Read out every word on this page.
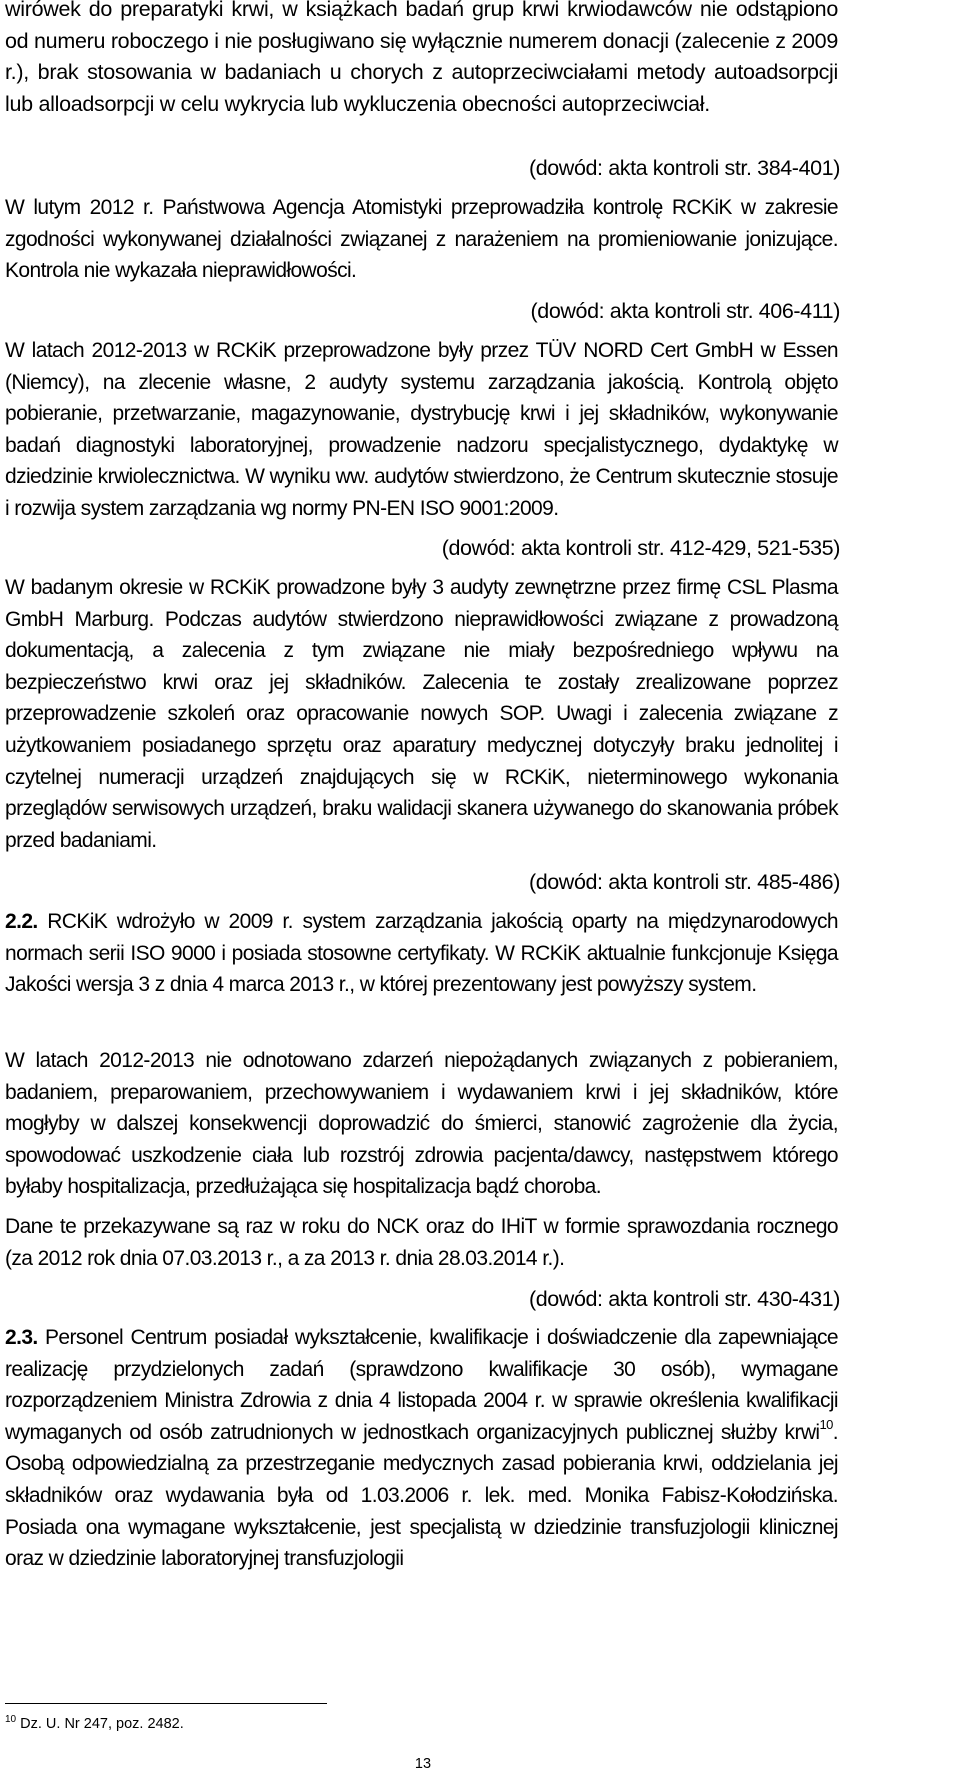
wirówek do preparatyki krwi, w książkach badań grup krwi krwiodawców nie odstąpiono od numeru roboczego i nie posługiwano się wyłącznie numerem donacji (zalecenie z 2009 r.), brak stosowania w badaniach u chorych z autoprzeciwciałami metody autoadsorpcji lub alloadsorpcji w celu wykrycia lub wykluczenia obecności autoprzeciwciał.

(dowód: akta kontroli str. 384-401)

W lutym 2012 r. Państwowa Agencja Atomistyki przeprowadziła kontrolę RCKiK w zakresie zgodności wykonywanej działalności związanej z narażeniem na promieniowanie jonizujące. Kontrola nie wykazała nieprawidłowości.

(dowód: akta kontroli str. 406-411)

W latach 2012-2013 w RCKiK przeprowadzone były przez TÜV NORD Cert GmbH w Essen (Niemcy), na zlecenie własne, 2 audyty systemu zarządzania jakością. Kontrolą objęto pobieranie, przetwarzanie, magazynowanie, dystrybucję krwi i jej składników, wykonywanie badań diagnostyki laboratoryjnej, prowadzenie nadzoru specjalistycznego, dydaktykę w dziedzinie krwiolecznictwa. W wyniku ww. audytów stwierdzono, że Centrum skutecznie stosuje i rozwija system zarządzania wg normy PN-EN ISO 9001:2009.

(dowód: akta kontroli str. 412-429, 521-535)

W badanym okresie w RCKiK prowadzone były 3 audyty zewnętrzne przez firmę CSL Plasma GmbH Marburg. Podczas audytów stwierdzono nieprawidłowości związane z prowadzoną dokumentacją, a zalecenia z tym związane nie miały bezpośredniego wpływu na bezpieczeństwo krwi oraz jej składników. Zalecenia te zostały zrealizowane poprzez przeprowadzenie szkoleń oraz opracowanie nowych SOP. Uwagi i zalecenia związane z użytkowaniem posiadanego sprzętu oraz aparatury medycznej dotyczyły braku jednolitej i czytelnej numeracji urządzeń znajdujących się w RCKiK, nieterminowego wykonania przeglądów serwisowych urządzeń, braku walidacji skanera używanego do skanowania próbek przed badaniami.

(dowód: akta kontroli str. 485-486)

2.2. RCKiK wdrożyło w 2009 r. system zarządzania jakością oparty na międzynarodowych normach serii ISO 9000 i posiada stosowne certyfikaty. W RCKiK aktualnie funkcjonuje Księga Jakości wersja 3 z dnia 4 marca 2013 r., w której prezentowany jest powyższy system.

W latach 2012-2013 nie odnotowano zdarzeń niepożądanych związanych z pobieraniem, badaniem, preparowaniem, przechowywaniem i wydawaniem krwi i jej składników, które mogłyby w dalszej konsekwencji doprowadzić do śmierci, stanowić zagrożenie dla życia, spowodować uszkodzenie ciała lub rozstrój zdrowia pacjenta/dawcy, następstwem którego byłaby hospitalizacja, przedłużająca się hospitalizacja bądź choroba.

Dane te przekazywane są raz w roku do NCK oraz do IHiT w formie sprawozdania rocznego (za 2012 rok dnia 07.03.2013 r., a za 2013 r. dnia 28.03.2014 r.).

(dowód: akta kontroli str. 430-431)

2.3. Personel Centrum posiadał wykształcenie, kwalifikacje i doświadczenie dla zapewniające realizację przydzielonych zadań (sprawdzono kwalifikacje 30 osób), wymagane rozporządzeniem Ministra Zdrowia z dnia 4 listopada 2004 r. w sprawie określenia kwalifikacji wymaganych od osób zatrudnionych w jednostkach organizacyjnych publicznej służby krwi$^{10}$. Osobą odpowiedzialną za przestrzeganie medycznych zasad pobierania krwi, oddzielania jej składników oraz wydawania była od 1.03.2006 r. lek. med. Monika Fabisz-Kołodzińska. Posiada ona wymagane wykształcenie, jest specjalistą w dziedzinie transfuzjologii klinicznej oraz w dziedzinie laboratoryjnej transfuzjologii

$^{10}$ Dz. U. Nr 247, poz. 2482.
13
